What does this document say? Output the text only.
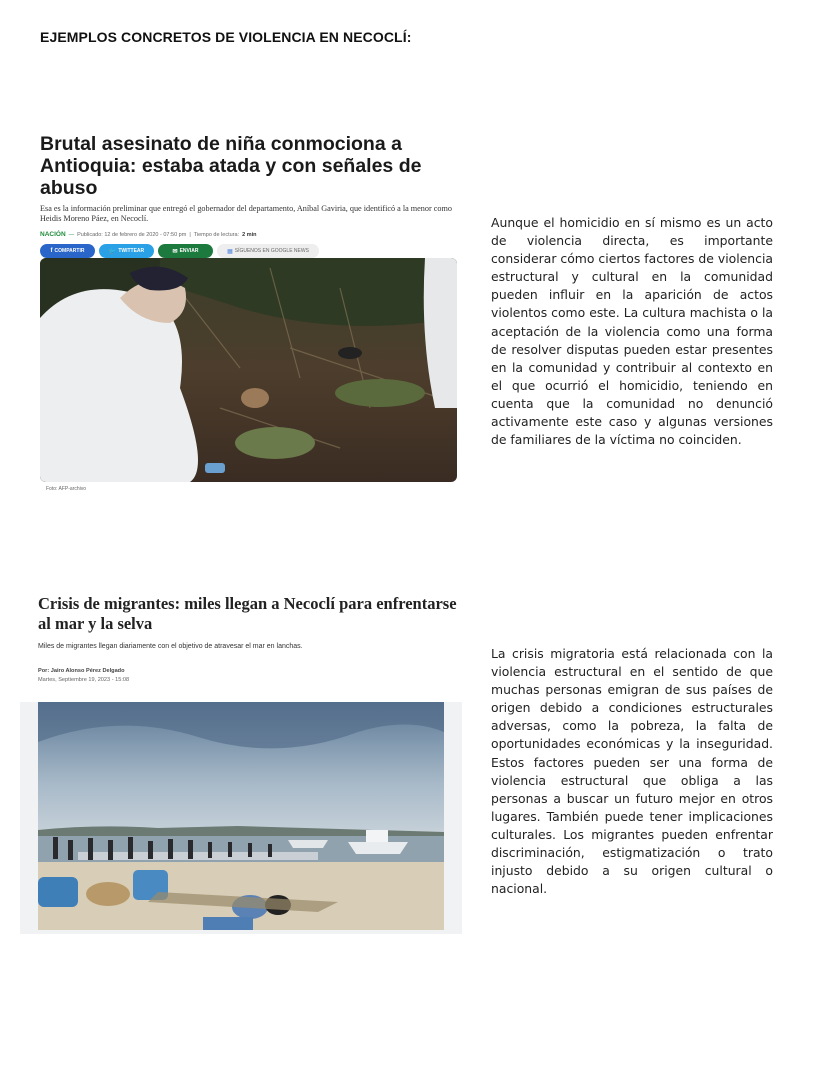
EJEMPLOS CONCRETOS DE VIOLENCIA EN NECOCLÍ:
Brutal asesinato de niña conmociona a Antioquia: estaba atada y con señales de abuso
Esa es la información preliminar que entregó el gobernador del departamento, Aníbal Gaviria, que identificó a la menor como Heidis Moreno Páez, en Necoclí.
NACIÓN — Publicado: 12 de febrero de 2020 - 07:50 pm | Tiempo de lectura: 2 min
f COMPARTIR	🐦 TWITTEAR	✉ ENVIAR	▦ SÍGUENOS EN GOOGLE NEWS
Foto: AFP-archivo

Aunque el homicidio en sí mismo es un acto de violencia directa, es importante considerar cómo ciertos factores de violencia estructural y cultural en la comunidad pueden influir en la aparición de actos violentos como este. La cultura machista o la aceptación de la violencia como una forma de resolver disputas pueden estar presentes en la comunidad y contribuir al contexto en el que ocurrió el homicidio, teniendo en cuenta que la comunidad no denunció activamente este caso y algunas versiones de familiares de la víctima no coinciden.

Crisis de migrantes: miles llegan a Necoclí para enfrentarse al mar y la selva
Miles de migrantes llegan diariamente con el objetivo de atravesar el mar en lanchas.
Por: Jairo Alonso Pérez Delgado
Martes, Septiembre 19, 2023 - 15:08

La crisis migratoria está relacionada con la violencia estructural en el sentido de que muchas personas emigran de sus países de origen debido a condiciones estructurales adversas, como la pobreza, la falta de oportunidades económicas y la inseguridad. Estos factores pueden ser una forma de violencia estructural que obliga a las personas a buscar un futuro mejor en otros lugares. También puede tener implicaciones culturales. Los migrantes pueden enfrentar discriminación, estigmatización o trato injusto debido a su origen cultural o nacional.
